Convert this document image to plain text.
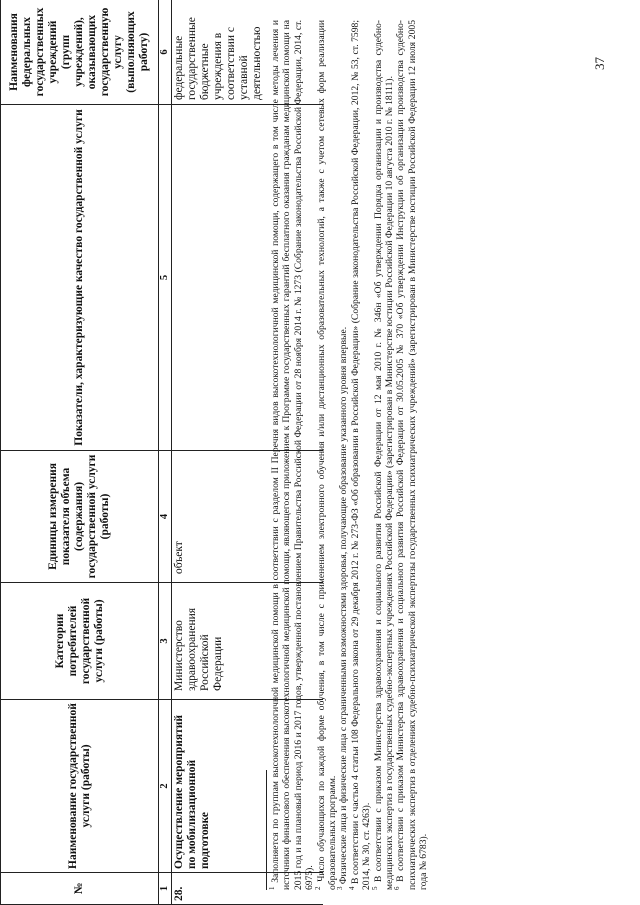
№	Наименование государственной услуги (работы)	Категории потребителей государственной услуги (работы)	Единицы измерения показателя объема (содержания) государственной услуги (работы)	Показатели, характеризующие качество государственной услуги	Наименования федеральных государственных учреждений (групп учреждений), оказывающих государственную услугу (выполняющих работу)
1	2	3	4	5	6
28.	Осуществление мероприятий по мобилизационной подготовке	Министерство здравоохранения Российской Федерации	объект		федеральные государственные бюджетные учреждения в соответствии с уставной деятельностью

$^1$ Заполняется по группам высокотехнологичной медицинской помощи в соответствии с разделом II Перечня видов высокотехнологичной медицинской помощи, содержащего в том числе методы лечения и источники финансового обеспечения высокотехнологичной медицинской помощи, являющегося приложением к Программе государственных гарантий бесплатного оказания гражданам медицинской помощи на 2015 год и на плановый период 2016 и 2017 годов, утвержденной постановлением Правительства Российской Федерации от 28 ноября 2014 г. № 1273 (Собрание законодательства Российской Федерации, 2014, ст. 6975).

$^2$ Число обучающихся по каждой форме обучения, в том числе с применением электронного обучения и/или дистанционных образовательных технологий, а также с учетом сетевых форм реализации образовательных программ.

$^3$ Физические лица и физические лица с ограниченными возможностями здоровья, получающие образование указанного уровня впервые.

$^4$ В соответствии с частью 4 статьи 108 Федерального закона от 29 декабря 2012 г. № 273-ФЗ «Об образовании в Российской Федерации» (Собрание законодательства Российской Федерации, 2012, № 53, ст. 7598; 2014, № 30, ст. 4263).

$^5$ В соответствии с приказом Министерства здравоохранения и социального развития Российской Федерации от 12 мая 2010 г. № 346н «Об утверждении Порядка организации и производства судебно-медицинских экспертиз в государственных судебно-экспертных учреждениях Российской Федерации» (зарегистрирован в Министерстве юстиции Российской Федерации 10 августа 2010 г. № 18111).

$^6$ В соответствии с приказом Министерства здравоохранения и социального развития Российской Федерации от 30.05.2005 № 370 «Об утверждении Инструкции об организации производства судебно-психиатрических экспертиз в отделениях судебно-психиатрической экспертизы государственных психиатрических учреждений» (зарегистрирован в Министерстве юстиции Российской Федерации 12 июля 2005 года № 6783).

37
